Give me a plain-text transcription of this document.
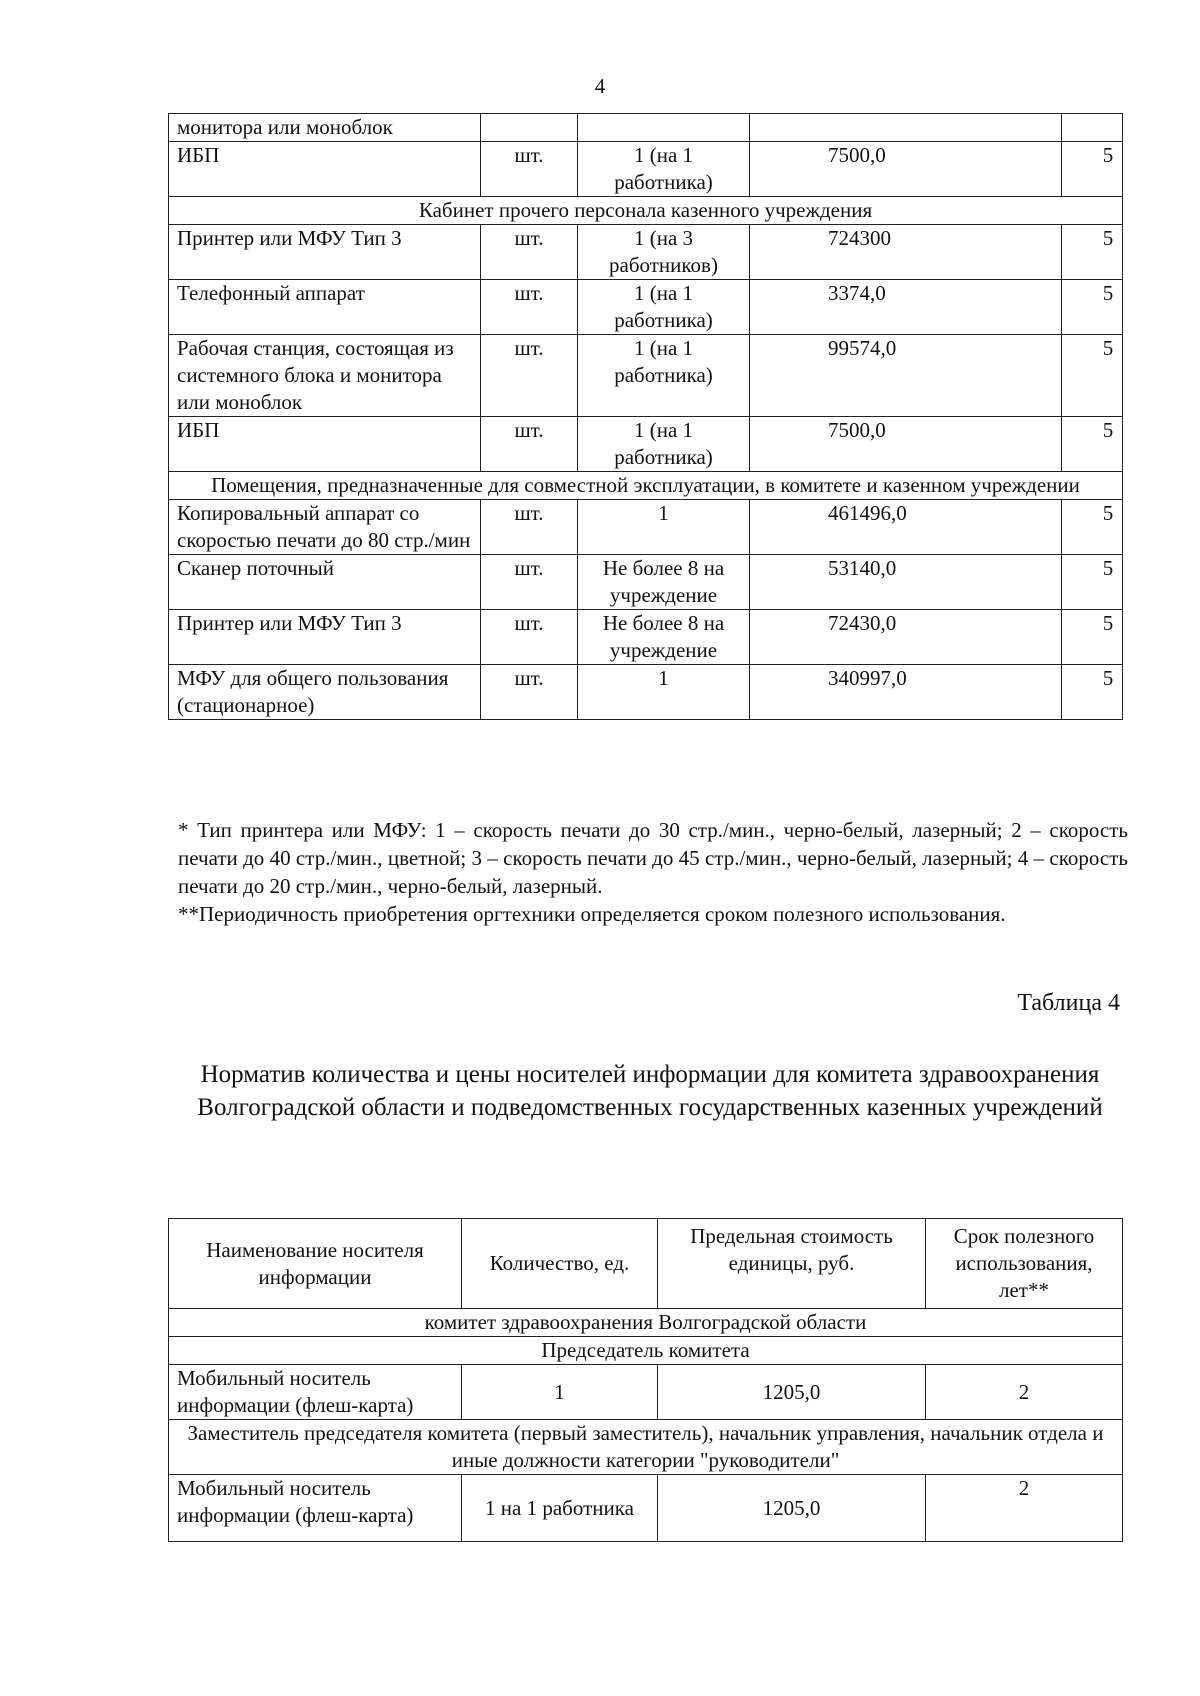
4
монитора или моноблок				
ИБП	шт.	1 (на 1 работника)	7500,0	5
Кабинет прочего персонала казенного учреждения				
Принтер или МФУ Тип 3	шт.	1 (на 3 работников)	724300	5
Телефонный аппарат	шт.	1 (на 1 работника)	3374,0	5
Рабочая станция, состоящая из системного блока и монитора или моноблок	шт.	1 (на 1 работника)	99574,0	5
ИБП	шт.	1 (на 1 работника)	7500,0	5
Помещения, предназначенные для совместной эксплуатации, в комитете и казенном учреждении				
Копировальный аппарат со скоростью печати до 80 стр./мин	шт.	1	461496,0	5
Сканер поточный	шт.	Не более 8 на учреждение	53140,0	5
Принтер или МФУ Тип 3	шт.	Не более 8 на учреждение	72430,0	5
МФУ для общего пользования (стационарное)	шт.	1	340997,0	5

* Тип принтера или МФУ: 1 – скорость печати до 30 стр./мин., черно-белый, лазерный; 2 – скорость печати до 40 стр./мин., цветной; 3 – скорость печати до 45 стр./мин., черно-белый, лазерный; 4 – скорость печати до 20 стр./мин., черно-белый, лазерный.

**Периодичность приобретения оргтехники определяется сроком полезного использования.

Таблица 4
Норматив количества и цены носителей информации для комитета здравоохранения Волгоградской области и подведомственных государственных казенных учреждений
Наименование носителя информации	Количество, ед.	Предельная стоимость единицы, руб.	Срок полезного использования, лет**
комитет здравоохранения Волгоградской области			
Председатель комитета			
Мобильный носитель информации (флеш-карта)	1	1205,0	2
Заместитель председателя комитета (первый заместитель), начальник управления, начальник отдела и иные должности категории "руководители"			
Мобильный носитель информации (флеш-карта)	1 на 1 работника	1205,0	2
